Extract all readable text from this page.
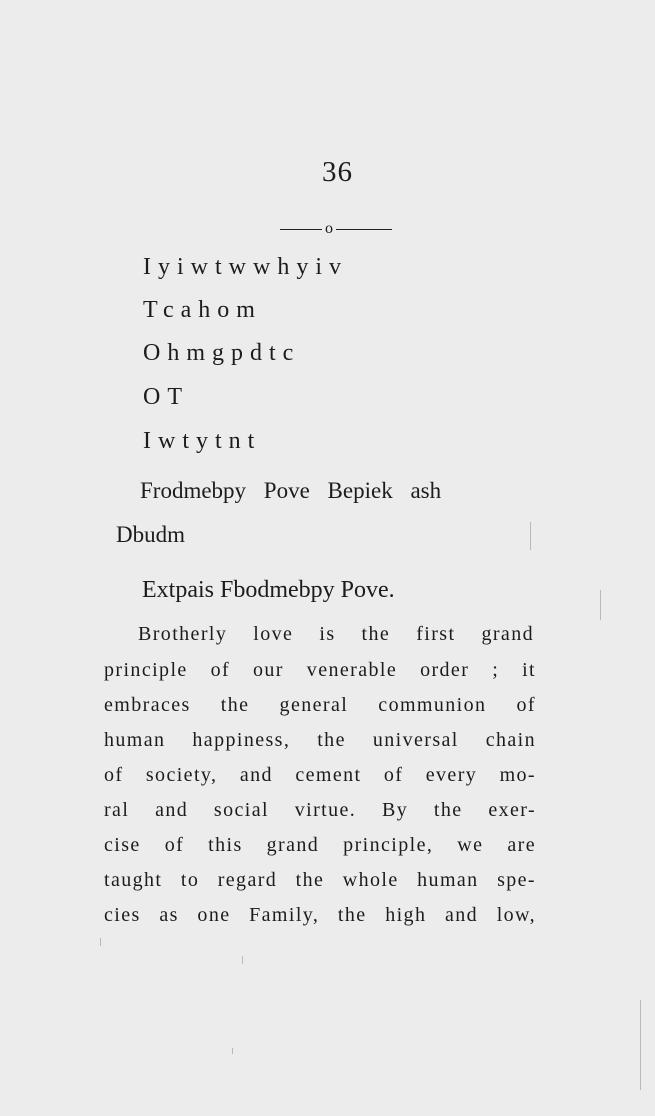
36
o
Iyiwtwwhyiv
Tcahom
Ohmgpdtc
OT
Iwtytnt
Frodmebpy Pove Bepiek ash
Dbudm
Extpais Fbodmebpy Pove.
Brotherly love is the first grand
principle of our venerable order ; it
embraces the general communion of
human happiness, the universal chain
of society, and cement of every mo-
ral and social virtue. By the exer-
cise of this grand principle, we are
taught to regard the whole human spe-
cies as one Family, the high and low,
